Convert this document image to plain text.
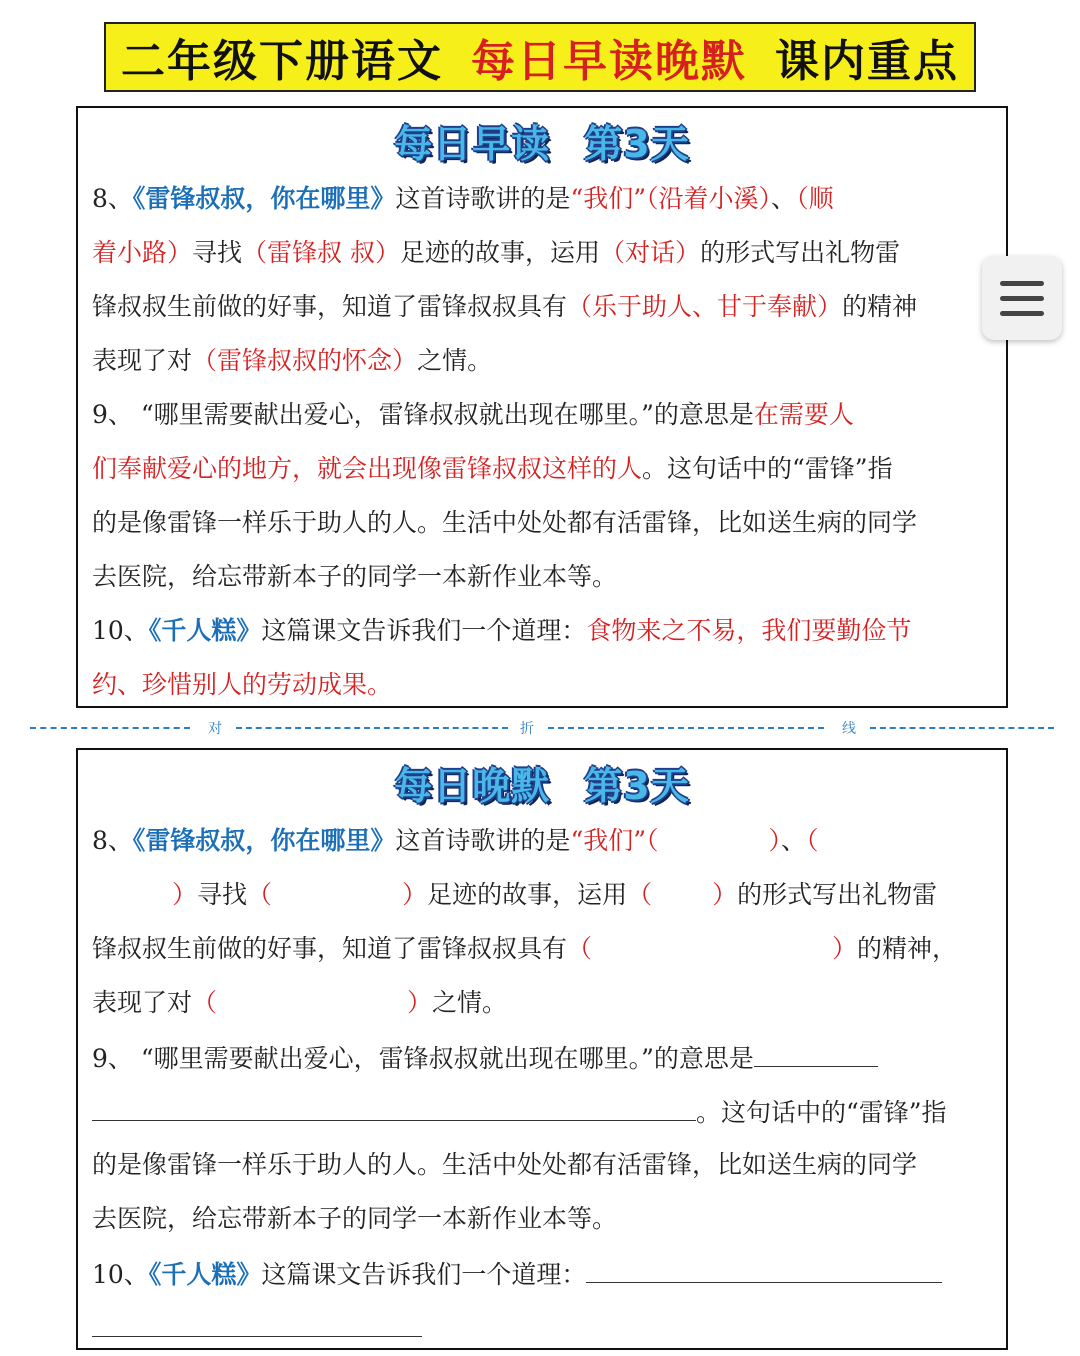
二年级下册语文 每日早读晚默 课内重点
每日早读 第3天
8、《雷锋叔叔，你在哪里》这首诗歌讲的是“我们”（沿着小溪）、（顺
着小路）寻找（雷锋叔 叔）足迹的故事，运用（对话）的形式写出礼物雷
锋叔叔生前做的好事，知道了雷锋叔叔具有（乐于助人、甘于奉献）的精神
表现了对（雷锋叔叔的怀念）之情。
9、 “哪里需要献出爱心，雷锋叔叔就出现在哪里。”的意思是在需要人
们奉献爱心的地方，就会出现像雷锋叔叔这样的人。这句话中的“雷锋”指
的是像雷锋一样乐于助人的人。生活中处处都有活雷锋，比如送生病的同学
去医院，给忘带新本子的同学一本新作业本等。
10、《千人糕》这篇课文告诉我们一个道理：食物来之不易，我们要勤俭节
约、珍惜别人的劳动成果。
对	折	线
每日晚默 第3天
8、《雷锋叔叔，你在哪里》这首诗歌讲的是“我们”（	）、（
）寻找（	）足迹的故事，运用（ ）的形式写出礼物雷
锋叔叔生前做的好事，知道了雷锋叔叔具有（	）的精神，
表现了对（	）之情。
9、 “哪里需要献出爱心，雷锋叔叔就出现在哪里。”的意思是
。这句话中的“雷锋”指
的是像雷锋一样乐于助人的人。生活中处处都有活雷锋，比如送生病的同学
去医院，给忘带新本子的同学一本新作业本等。
10、《千人糕》这篇课文告诉我们一个道理：
